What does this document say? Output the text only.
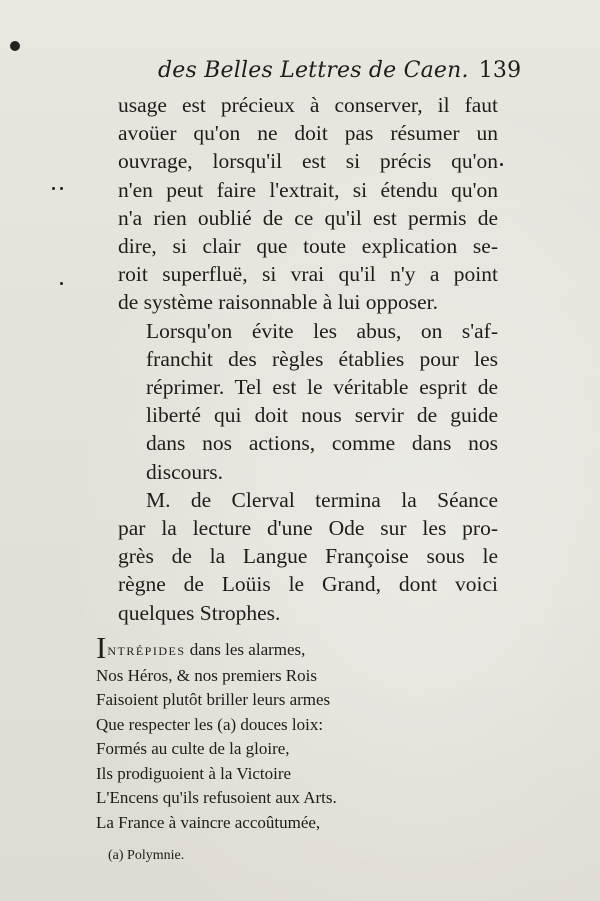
des Belles Lettres de Caen. 139

usage est précieux à conserver, il faut
avoüer qu'on ne doit pas résumer un
ouvrage, lorsqu'il est si précis qu'on
n'en peut faire l'extrait, si étendu qu'on
n'a rien oublié de ce qu'il est permis de
dire, si clair que toute explication se-
roit superfluë, si vrai qu'il n'y a point
de système raisonnable à lui opposer.

Lorsqu'on évite les abus, on s'af-
franchit des règles établies pour les
réprimer. Tel est le véritable esprit de
liberté qui doit nous servir de guide
dans nos actions, comme dans nos
discours.

M. de Clerval termina la Séance
par la lecture d'une Ode sur les pro-
grès de la Langue Françoise sous le
règne de Loüis le Grand, dont voici
quelques Strophes.

INTRÉPIDES dans les alarmes,
Nos Héros, & nos premiers Rois
Faisoient plutôt briller leurs armes
Que respecter les (a) douces loix:
Formés au culte de la gloire,
Ils prodiguoient à la Victoire
L'Encens qu'ils refusoient aux Arts.
La France à vaincre accoûtumée,
(a) Polymnie.
